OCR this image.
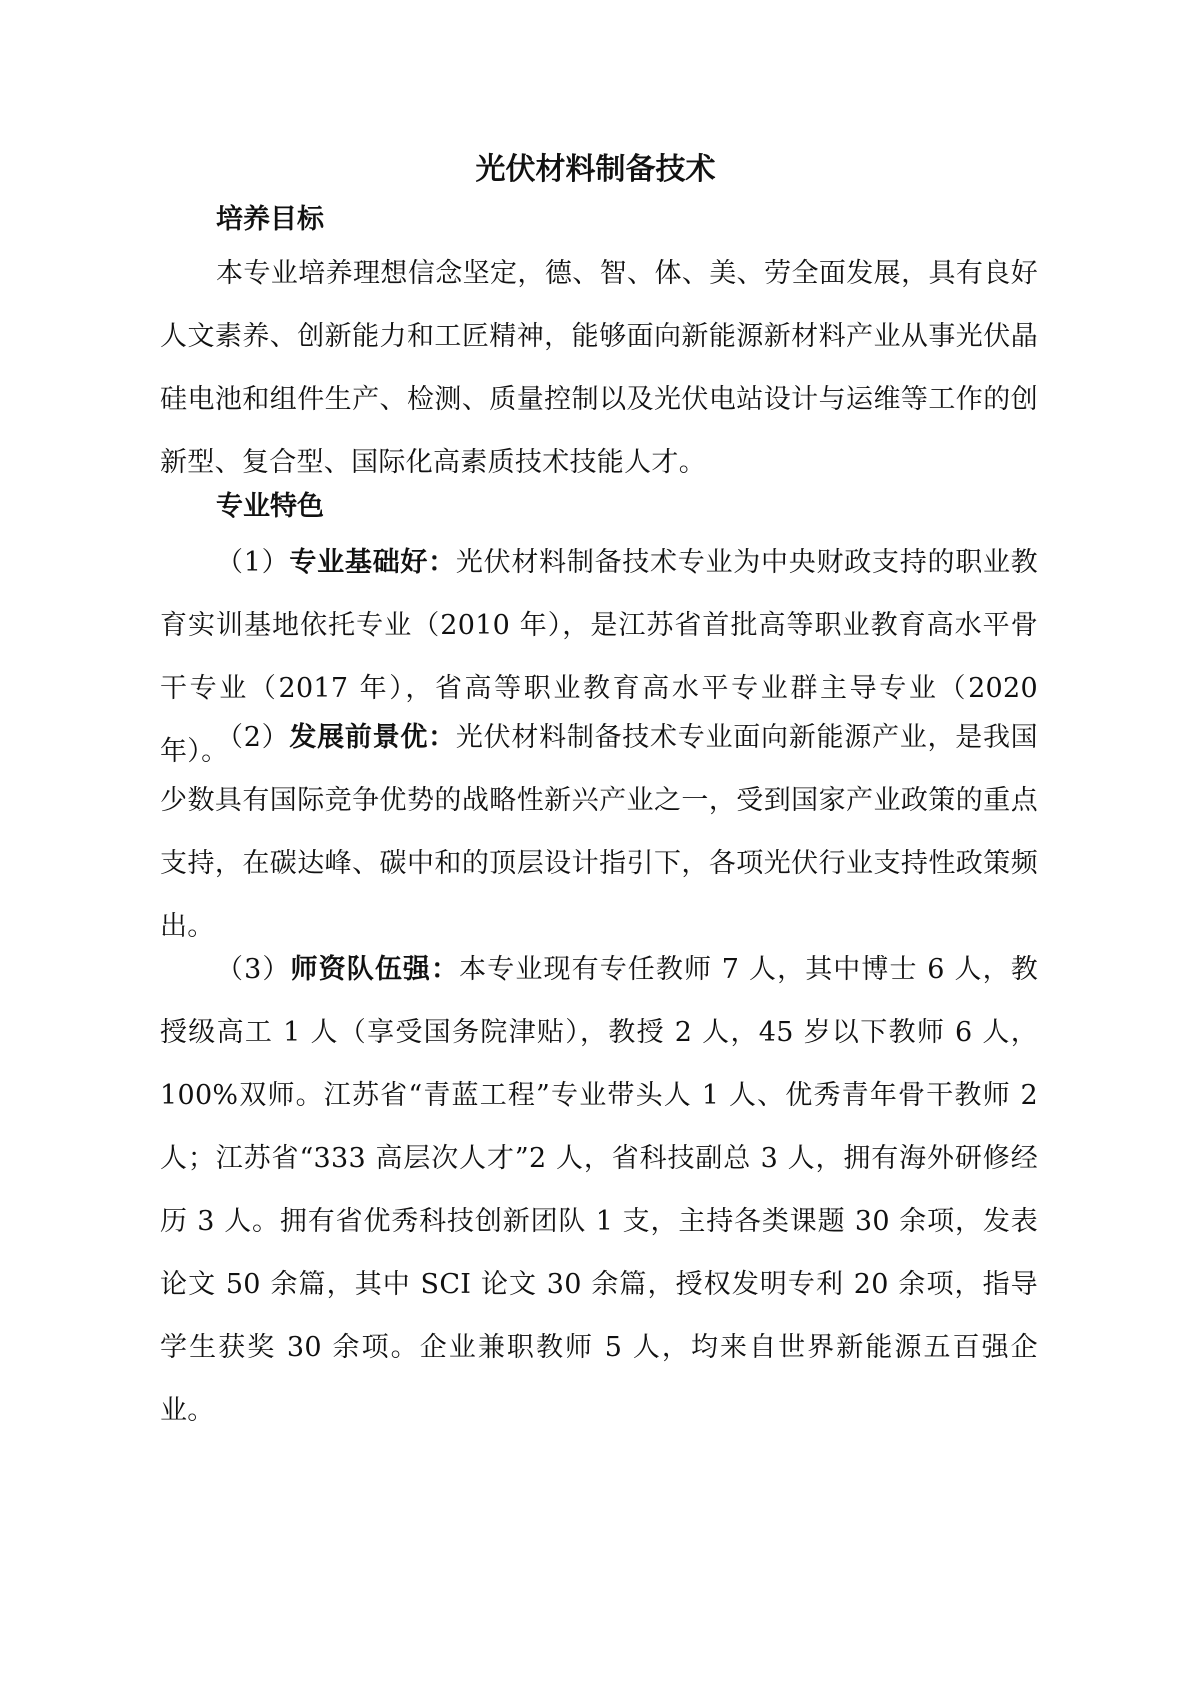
光伏材料制备技术
培养目标

本专业培养理想信念坚定，德、智、体、美、劳全面发展，具有良好人文素养、创新能力和工匠精神，能够面向新能源新材料产业从事光伏晶硅电池和组件生产、检测、质量控制以及光伏电站设计与运维等工作的创新型、复合型、国际化高素质技术技能人才。

专业特色

（1）专业基础好：光伏材料制备技术专业为中央财政支持的职业教育实训基地依托专业（2010 年），是江苏省首批高等职业教育高水平骨干专业（2017 年），省高等职业教育高水平专业群主导专业（2020 年）。

（2）发展前景优：光伏材料制备技术专业面向新能源产业，是我国少数具有国际竞争优势的战略性新兴产业之一，受到国家产业政策的重点支持，在碳达峰、碳中和的顶层设计指引下，各项光伏行业支持性政策频出。

（3）师资队伍强：本专业现有专任教师 7 人，其中博士 6 人，教授级高工 1 人（享受国务院津贴），教授 2 人，45 岁以下教师 6 人，100%双师。江苏省“青蓝工程”专业带头人 1 人、优秀青年骨干教师 2 人；江苏省“333 高层次人才”2 人，省科技副总 3 人，拥有海外研修经历 3 人。拥有省优秀科技创新团队 1 支，主持各类课题 30 余项，发表论文 50 余篇，其中 SCI 论文 30 余篇，授权发明专利 20 余项，指导学生获奖 30 余项。企业兼职教师 5 人，均来自世界新能源五百强企业。
